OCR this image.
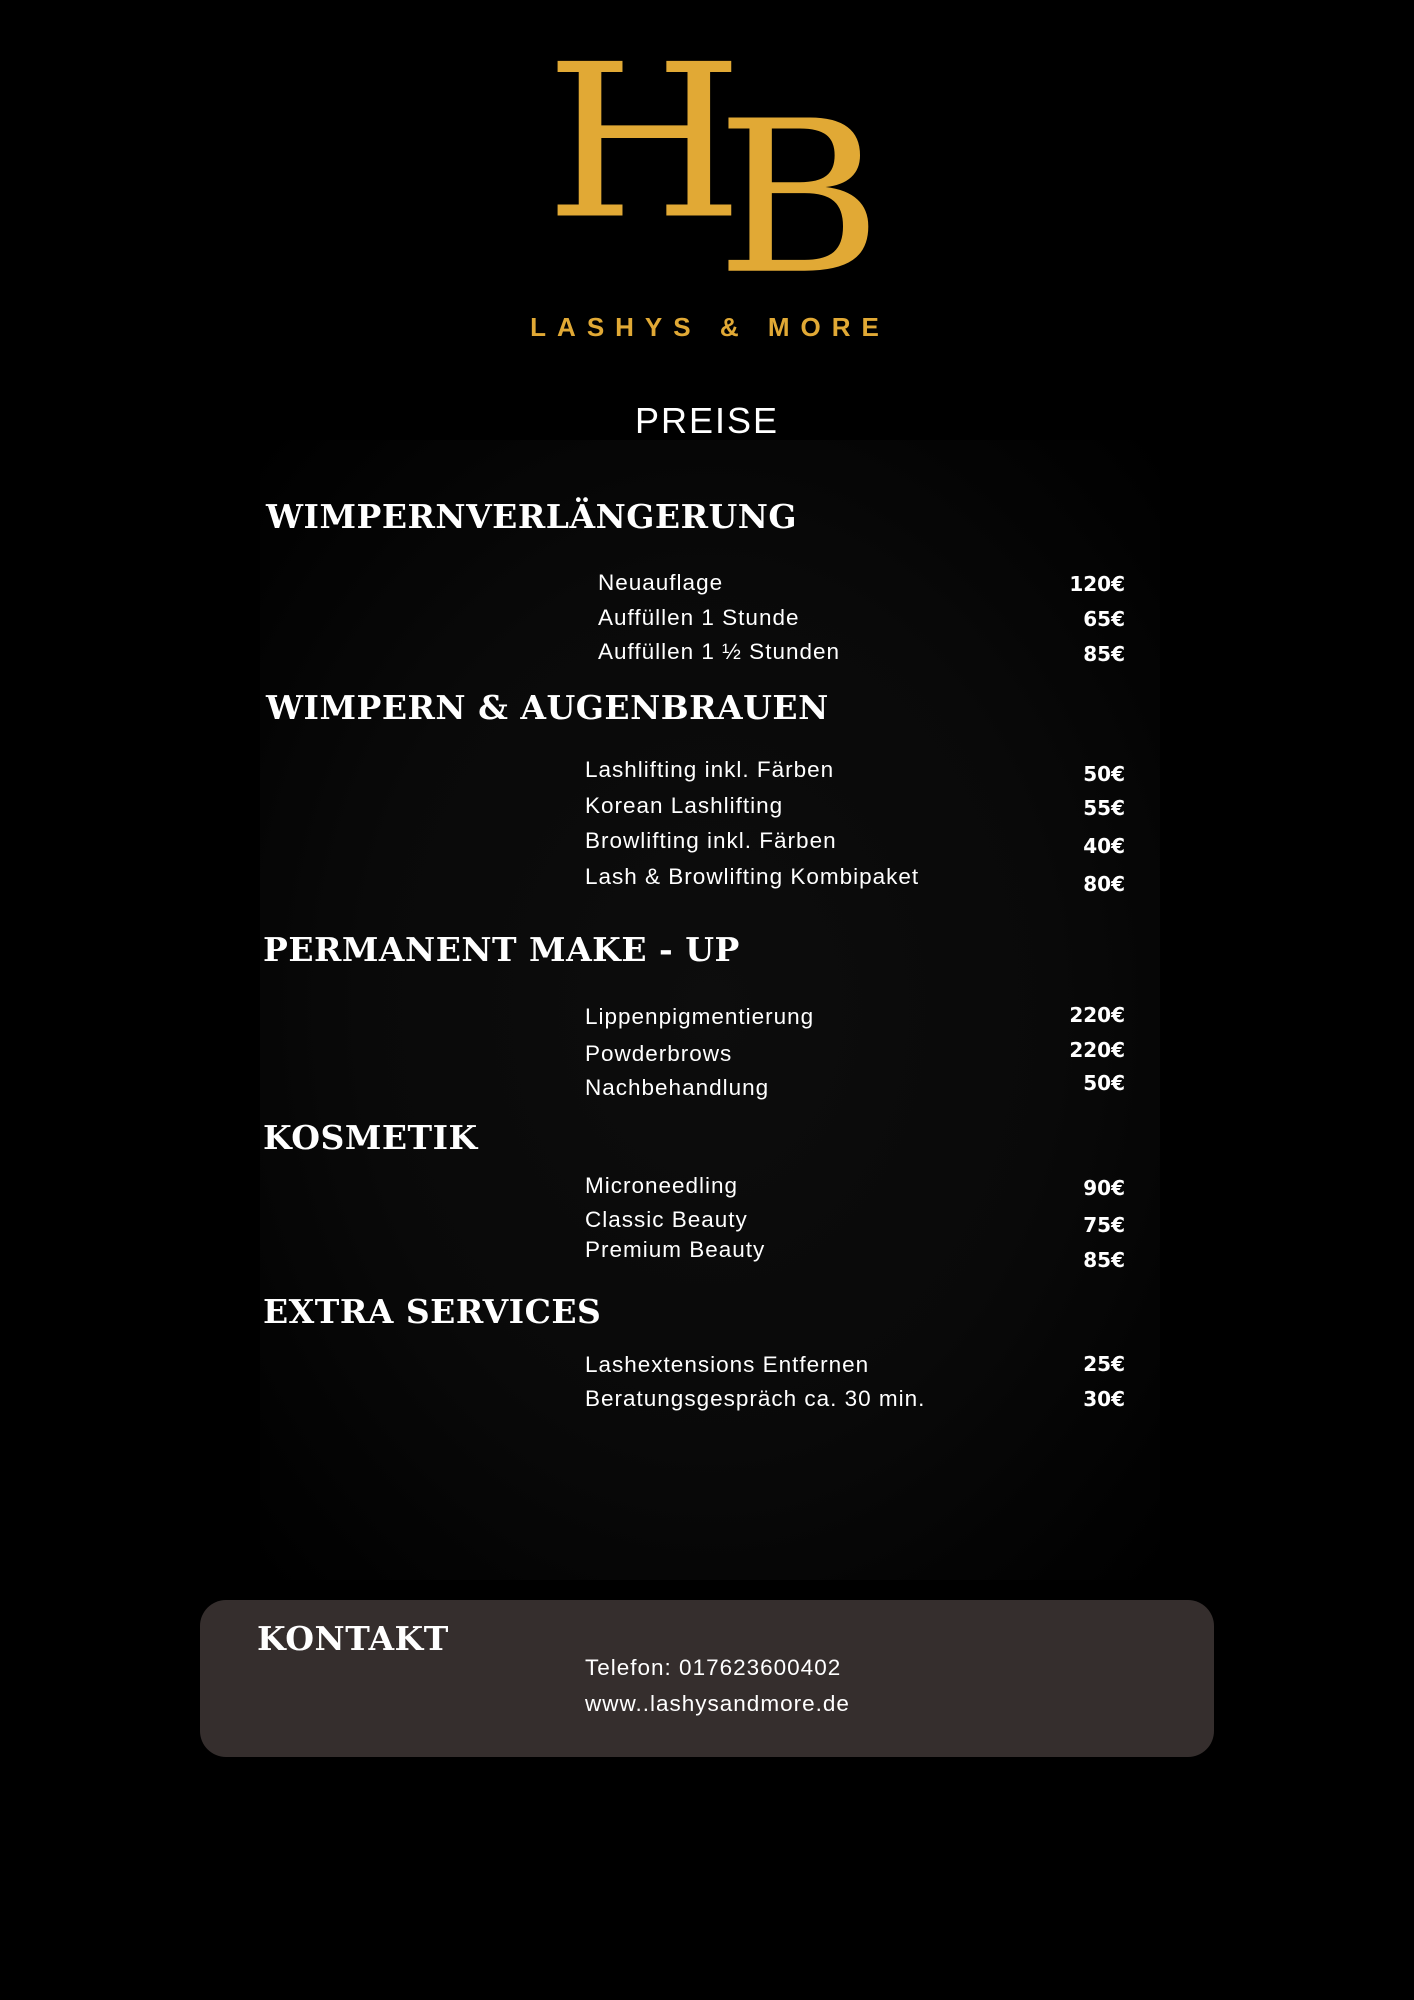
H
B
LASHYS & MORE
PREISE
WIMPERNVERLÄNGERUNG
Neuauflage	120€
Auffüllen 1 Stunde	65€
Auffüllen 1 ½ Stunden	85€
WIMPERN & AUGENBRAUEN
Lashlifting inkl. Färben	50€
Korean Lashlifting	55€
Browlifting inkl. Färben	40€
Lash & Browlifting Kombipaket	80€
PERMANENT MAKE - UP
Lippenpigmentierung	220€
Powderbrows	220€
Nachbehandlung	50€
KOSMETIK
Microneedling	90€
Classic Beauty	75€
Premium Beauty	85€
EXTRA SERVICES
Lashextensions Entfernen	25€
Beratungsgespräch ca. 30 min.	30€
KONTAKT
Telefon: 017623600402
www..lashysandmore.de
